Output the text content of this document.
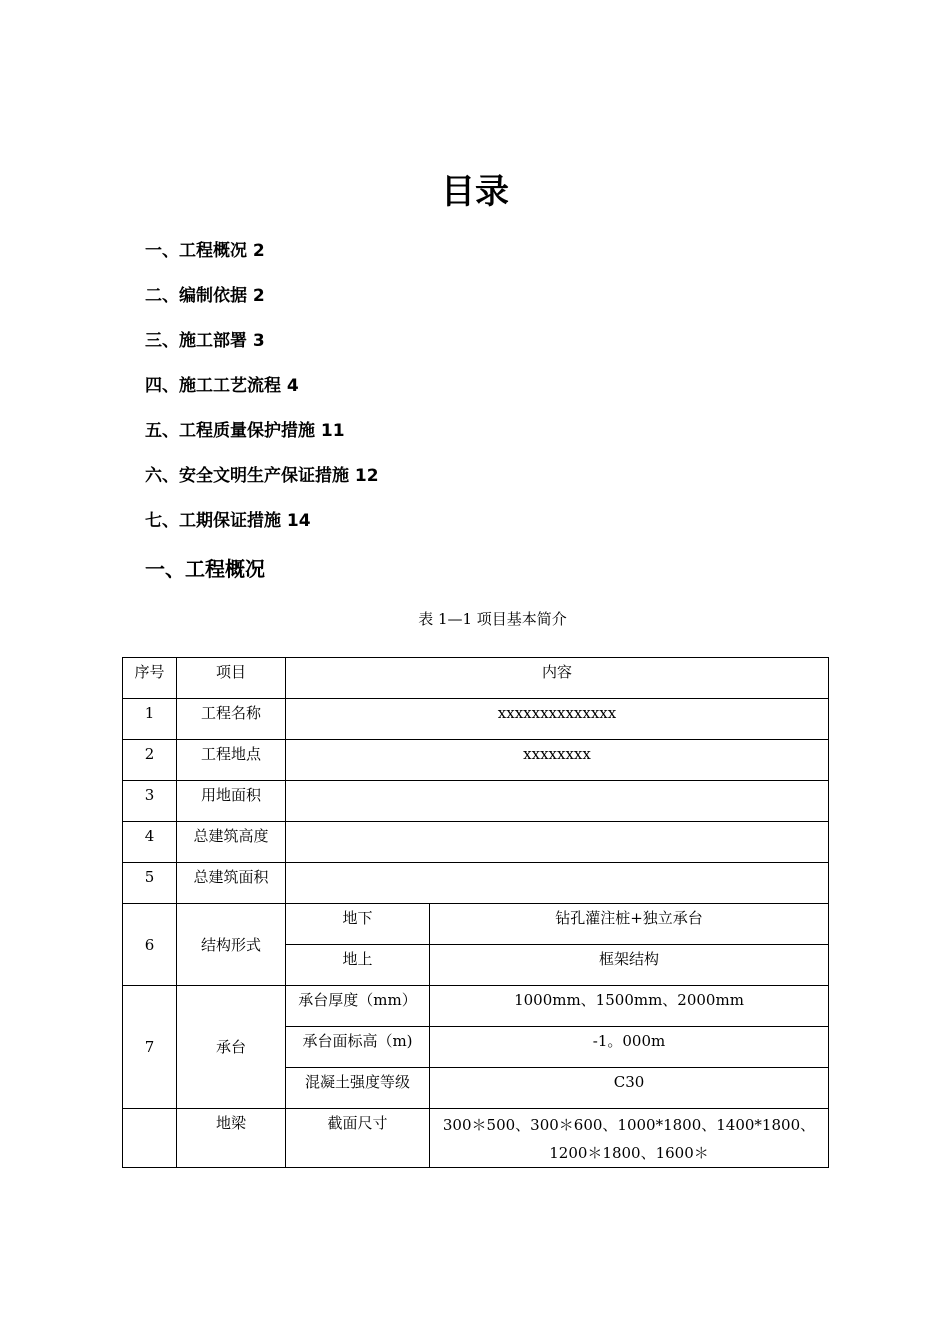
目录
一、工程概况 2
二、编制依据 2
三、施工部署 3
四、施工工艺流程 4
五、工程质量保护措施 11
六、安全文明生产保证措施 12
七、工期保证措施 14
一、工程概况
表 1—1 项目基本简介
序号	项目	内容	
1	工程名称	xxxxxxxxxxxxxx	
2	工程地点	xxxxxxxx	
3	用地面积		
4	总建筑高度		
5	总建筑面积		
6	结构形式	地下	钻孔灌注桩+独立承台
		地上	框架结构
7	承台	承台厚度（mm）	1000mm、1500mm、2000mm
		承台面标高（m)	-1。000m
		混凝土强度等级	C30
	地梁	截面尺寸	300＊500、300＊600、1000*1800、1400*1800、1200＊1800、1600＊
